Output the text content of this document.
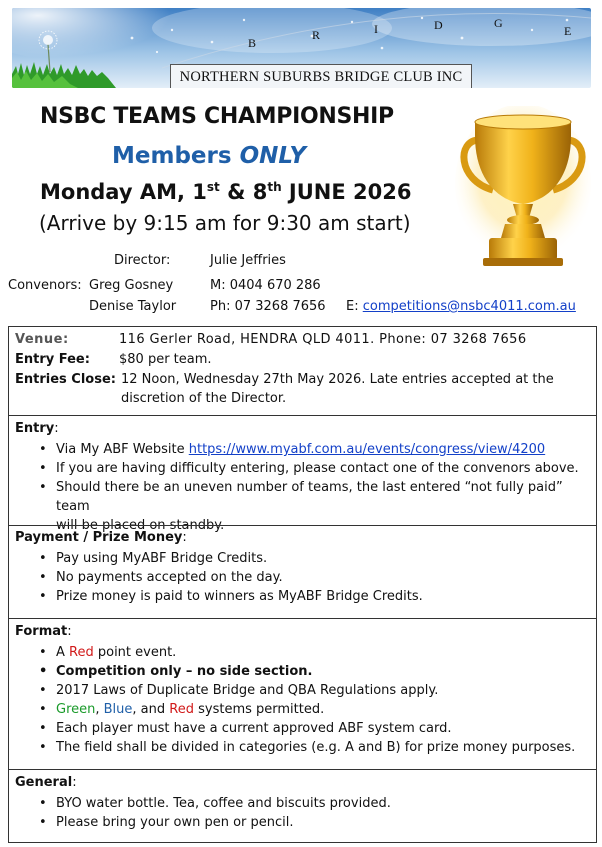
B
R	I	D	G
E
NORTHERN SUBURBS BRIDGE CLUB INC
NSBC TEAMS CHAMPIONSHIP
Members ONLY
Monday AM, 1st & 8th JUNE 2026
(Arrive by 9:15 am for 9:30 am start)
Director:	Julie Jeffries
Convenors: Greg Gosney	M: 0404 670 286
Denise Taylor	Ph: 07 3268 7656 E: competitions@nsbc4011.com.au
Venue:	116 Gerler Road, HENDRA QLD 4011. Phone: 07 3268 7656
Entry Fee: $80 per team.
Entries Close: 12 Noon, Wednesday 27th May 2026. Late entries accepted at the
discretion of the Director.
Entry:
• Via My ABF Website https://www.myabf.com.au/events/congress/view/4200
• If you are having difficulty entering, please contact one of the convenors above.
• Should there be an uneven number of teams, the last entered “not fully paid” team
will be placed on standby.
Payment / Prize Money:
• Pay using MyABF Bridge Credits.
• No payments accepted on the day.
• Prize money is paid to winners as MyABF Bridge Credits.
Format:
• A Red point event.
• Competition only – no side section.
• 2017 Laws of Duplicate Bridge and QBA Regulations apply.
• Green, Blue, and Red systems permitted.
• Each player must have a current approved ABF system card.
• The field shall be divided in categories (e.g. A and B) for prize money purposes.
General:
• BYO water bottle. Tea, coffee and biscuits provided.
• Please bring your own pen or pencil.
